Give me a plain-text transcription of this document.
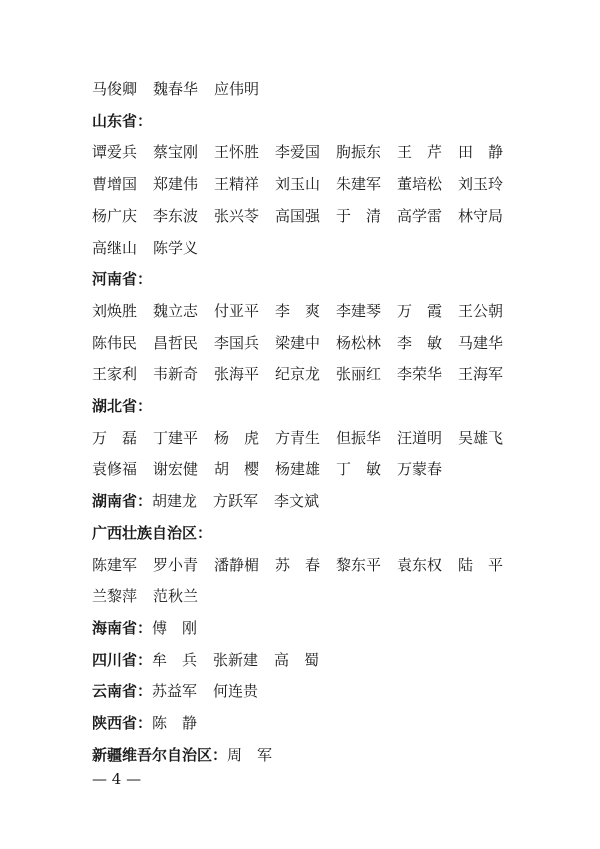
马俊卿 魏春华 应伟明
山东省：
谭爱兵 蔡宝刚 王怀胜 李爱国 朐振东 王　芹 田　静
曹增国 郑建伟 王精祥 刘玉山 朱建军 董培松 刘玉玲
杨广庆 李东波 张兴苓 高国强 于　清 高学雷 林守局
高继山 陈学义
河南省：
刘焕胜 魏立志 付亚平 李　爽 李建琴 万　霞 王公朝
陈伟民 昌哲民 李国兵 梁建中 杨松林 李　敏 马建华
王家利 韦新奇 张海平 纪京龙 张丽红 李荣华 王海军
湖北省：
万　磊 丁建平 杨　虎 方青生 但振华 汪道明 吴雄飞
袁修福 谢宏健 胡　樱 杨建雄 丁　敏 万蒙春
湖南省：胡建龙 方跃军 李文斌
广西壮族自治区：
陈建军 罗小青 潘静楣 苏　春 黎东平 袁东权 陆　平
兰黎萍 范秋兰
海南省：傅　刚
四川省：牟　兵 张新建 高　蜀
云南省：苏益军 何连贵
陕西省：陈　静
新疆维吾尔自治区：周　军
— 4 —
